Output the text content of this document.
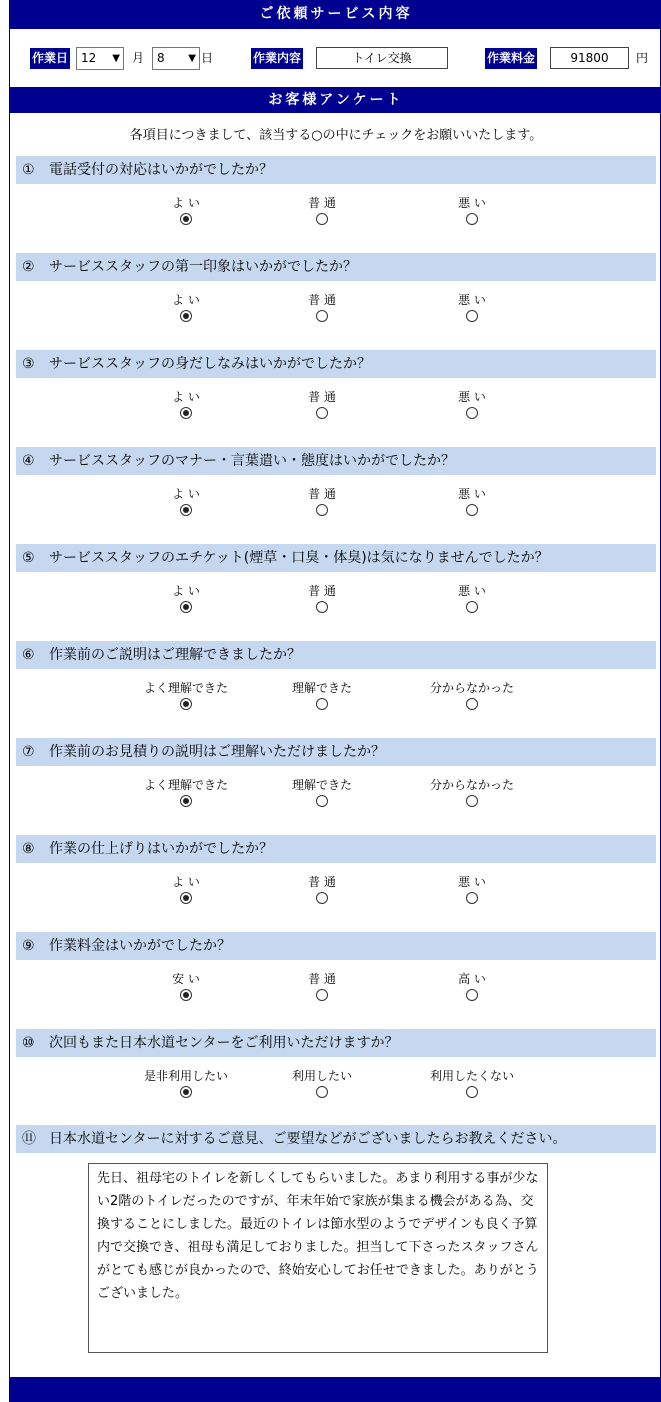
ご依頼サービス内容
作業日	12 ▼ 月	8 ▼ 日	作業内容	トイレ交換	作業料金	91800	円
お客様アンケート
各項目につきまして、該当する○の中にチェックをお願いいたします。
① 電話受付の対応はいかがでしたか？
よ い	普 通	悪 い
② サービススタッフの第一印象はいかがでしたか？
よ い	普 通	悪 い
③ サービススタッフの身だしなみはいかがでしたか？
よ い	普 通	悪 い
④ サービススタッフのマナー・言葉遣い・態度はいかがでしたか？
よ い	普 通	悪 い
⑤ サービススタッフのエチケット(煙草・口臭・体臭)は気になりませんでしたか？
よ い	普 通	悪 い
⑥ 作業前のご説明はご理解できましたか？
よく理解できた	理解できた	分からなかった
⑦ 作業前のお見積りの説明はご理解いただけましたか？
よく理解できた	理解できた	分からなかった
⑧ 作業の仕上げりはいかがでしたか？
よ い	普 通	悪 い
⑨ 作業料金はいかがでしたか？
安 い	普 通	高 い
⑩ 次回もまた日本水道センターをご利用いただけますか？
是非利用したい	利用したい	利用したくない
⑪ 日本水道センターに対するご意見、ご要望などがございましたらお教えください。
先日、祖母宅のトイレを新しくしてもらいました。あまり利用する事が少ない2階のトイレだったのですが、年末年始で家族が集まる機会がある為、交換することにしました。最近のトイレは節水型のようでデザインも良く予算内で交換でき、祖母も満足しておりました。担当して下さったスタッフさんがとても感じが良かったので、終始安心してお任せできました。ありがとうございました。
